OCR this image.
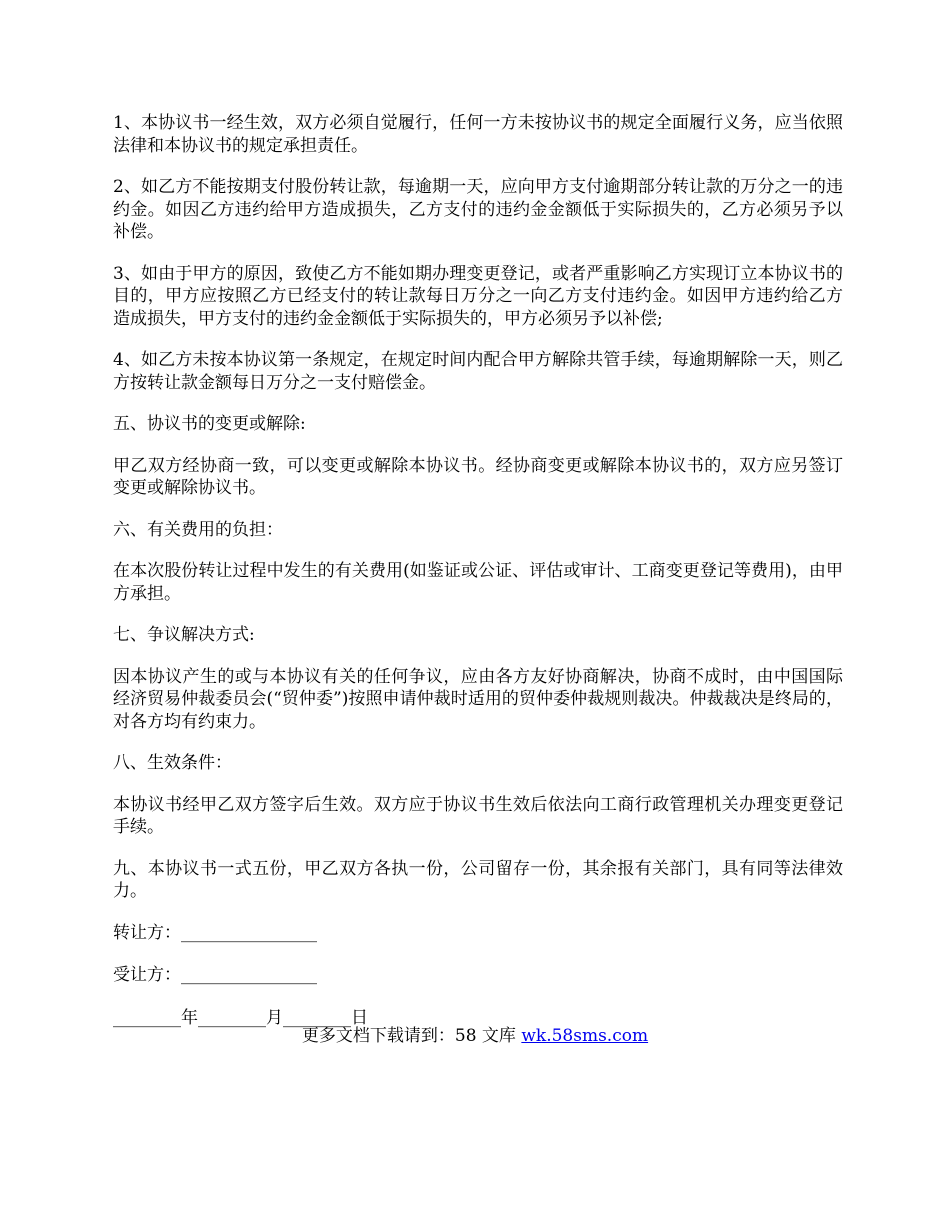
1、本协议书一经生效，双方必须自觉履行，任何一方未按协议书的规定全面履行义务，应当依照法律和本协议书的规定承担责任。

2、如乙方不能按期支付股份转让款，每逾期一天，应向甲方支付逾期部分转让款的万分之一的违约金。如因乙方违约给甲方造成损失，乙方支付的违约金金额低于实际损失的，乙方必须另予以补偿。

3、如由于甲方的原因，致使乙方不能如期办理变更登记，或者严重影响乙方实现订立本协议书的目的，甲方应按照乙方已经支付的转让款每日万分之一向乙方支付违约金。如因甲方违约给乙方造成损失，甲方支付的违约金金额低于实际损失的，甲方必须另予以补偿;

4、如乙方未按本协议第一条规定，在规定时间内配合甲方解除共管手续，每逾期解除一天，则乙方按转让款金额每日万分之一支付赔偿金。

五、协议书的变更或解除:

甲乙双方经协商一致，可以变更或解除本协议书。经协商变更或解除本协议书的，双方应另签订变更或解除协议书。

六、有关费用的负担：

在本次股份转让过程中发生的有关费用(如鉴证或公证、评估或审计、工商变更登记等费用)，由甲方承担。

七、争议解决方式:

因本协议产生的或与本协议有关的任何争议，应由各方友好协商解决，协商不成时，由中国国际经济贸易仲裁委员会(“贸仲委”)按照申请仲裁时适用的贸仲委仲裁规则裁决。仲裁裁决是终局的，对各方均有约束力。

八、生效条件：

本协议书经甲乙双方签字后生效。双方应于协议书生效后依法向工商行政管理机关办理变更登记手续。

九、本协议书一式五份，甲乙双方各执一份，公司留存一份，其余报有关部门，具有同等法律效力。

转让方：________________

受让方：________________

________年________月________日

更多文档下载请到：58 文库 wk.58sms.com
